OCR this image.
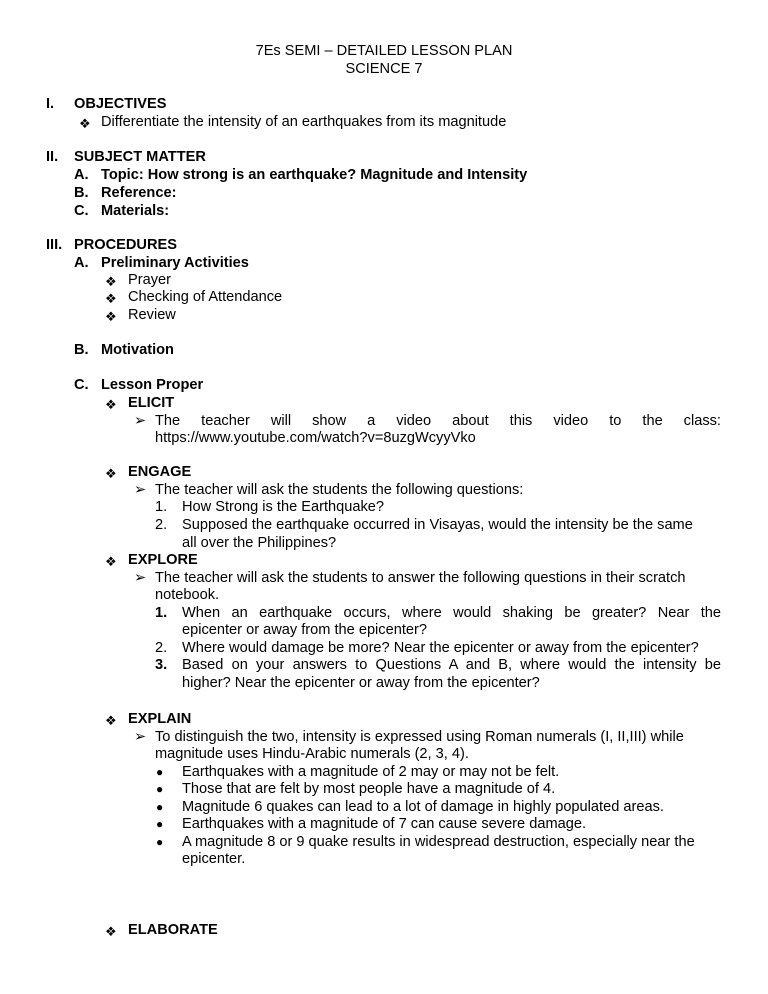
7Es SEMI – DETAILED LESSON PLAN
SCIENCE 7
I. OBJECTIVES
❖ Differentiate the intensity of an earthquakes from its magnitude
II. SUBJECT MATTER
A. Topic: How strong is an earthquake? Magnitude and Intensity
B. Reference:
C. Materials:
III. PROCEDURES
A. Preliminary Activities
❖ Prayer
❖ Checking of Attendance
❖ Review
B. Motivation
C. Lesson Proper
❖ ELICIT
➢ The teacher will show a video about this video to the class:
https://www.youtube.com/watch?v=8uzgWcyyVko
❖ ENGAGE
➢ The teacher will ask the students the following questions:
1. How Strong is the Earthquake?
2. Supposed the earthquake occurred in Visayas, would the intensity be the same
all over the Philippines?
❖ EXPLORE
➢ The teacher will ask the students to answer the following questions in their scratch
notebook.
1. When an earthquake occurs, where would shaking be greater? Near the
epicenter or away from the epicenter?
2. Where would damage be more? Near the epicenter or away from the epicenter?
3. Based on your answers to Questions A and B, where would the intensity be
higher? Near the epicenter or away from the epicenter?
❖ EXPLAIN
➢ To distinguish the two, intensity is expressed using Roman numerals (I, II,III) while
magnitude uses Hindu-Arabic numerals (2, 3, 4).
● Earthquakes with a magnitude of 2 may or may not be felt.
● Those that are felt by most people have a magnitude of 4.
● Magnitude 6 quakes can lead to a lot of damage in highly populated areas.
● Earthquakes with a magnitude of 7 can cause severe damage.
● A magnitude 8 or 9 quake results in widespread destruction, especially near the
epicenter.
❖ ELABORATE
